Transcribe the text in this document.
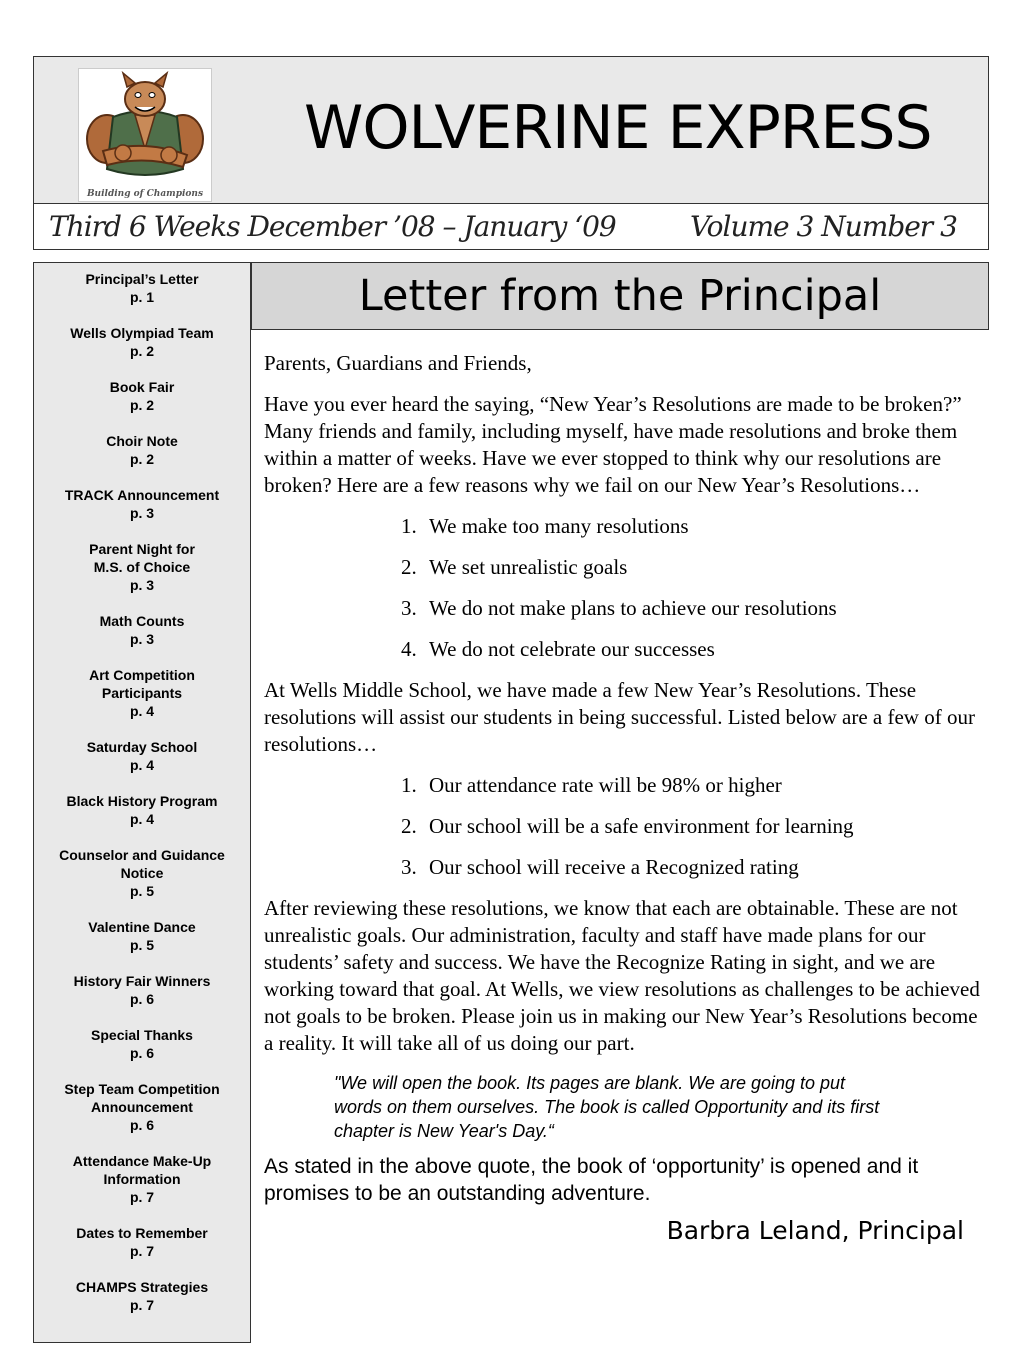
Building of Champions
WOLVERINE EXPRESS
Third 6 Weeks December ’08 – January ‘09	Volume 3 Number 3
Principal’s Letter
p. 1
Wells Olympiad Team
p. 2
Book Fair
p. 2
Choir Note
p. 2
TRACK Announcement
p. 3
Parent Night for
M.S. of Choice
p. 3
Math Counts
p. 3
Art Competition
Participants
p. 4
Saturday School
p. 4
Black History Program
p. 4
Counselor and Guidance
Notice
p. 5
Valentine Dance
p. 5
History Fair Winners
p. 6
Special Thanks
p. 6
Step Team Competition
Announcement
p. 6
Attendance Make-Up
Information
p. 7
Dates to Remember
p. 7
CHAMPS Strategies
p. 7
Letter from the Principal

Parents, Guardians and Friends,

Have you ever heard the saying, “New Year’s Resolutions are made to be broken?” Many friends and family, including myself, have made resolutions and broke them within a matter of weeks. Have we ever stopped to think why our resolutions are broken? Here are a few reasons why we fail on our New Year’s Resolutions…

1. We make too many resolutions
2. We set unrealistic goals
3. We do not make plans to achieve our resolutions
4. We do not celebrate our successes

At Wells Middle School, we have made a few New Year’s Resolutions. These resolutions will assist our students in being successful. Listed below are a few of our resolutions…

1. Our attendance rate will be 98% or higher
2. Our school will be a safe environment for learning
3. Our school will receive a Recognized rating

After reviewing these resolutions, we know that each are obtainable. These are not unrealistic goals. Our administration, faculty and staff have made plans for our students’ safety and success. We have the Recognize Rating in sight, and we are working toward that goal. At Wells, we view resolutions as challenges to be achieved not goals to be broken. Please join us in making our New Year’s Resolutions become a reality. It will take all of us doing our part.

"We will open the book. Its pages are blank. We are going to put words on them ourselves. The book is called Opportunity and its first chapter is New Year's Day.“
As stated in the above quote, the book of ‘opportunity’ is opened and it promises to be an outstanding adventure.
Barbra Leland, Principal
